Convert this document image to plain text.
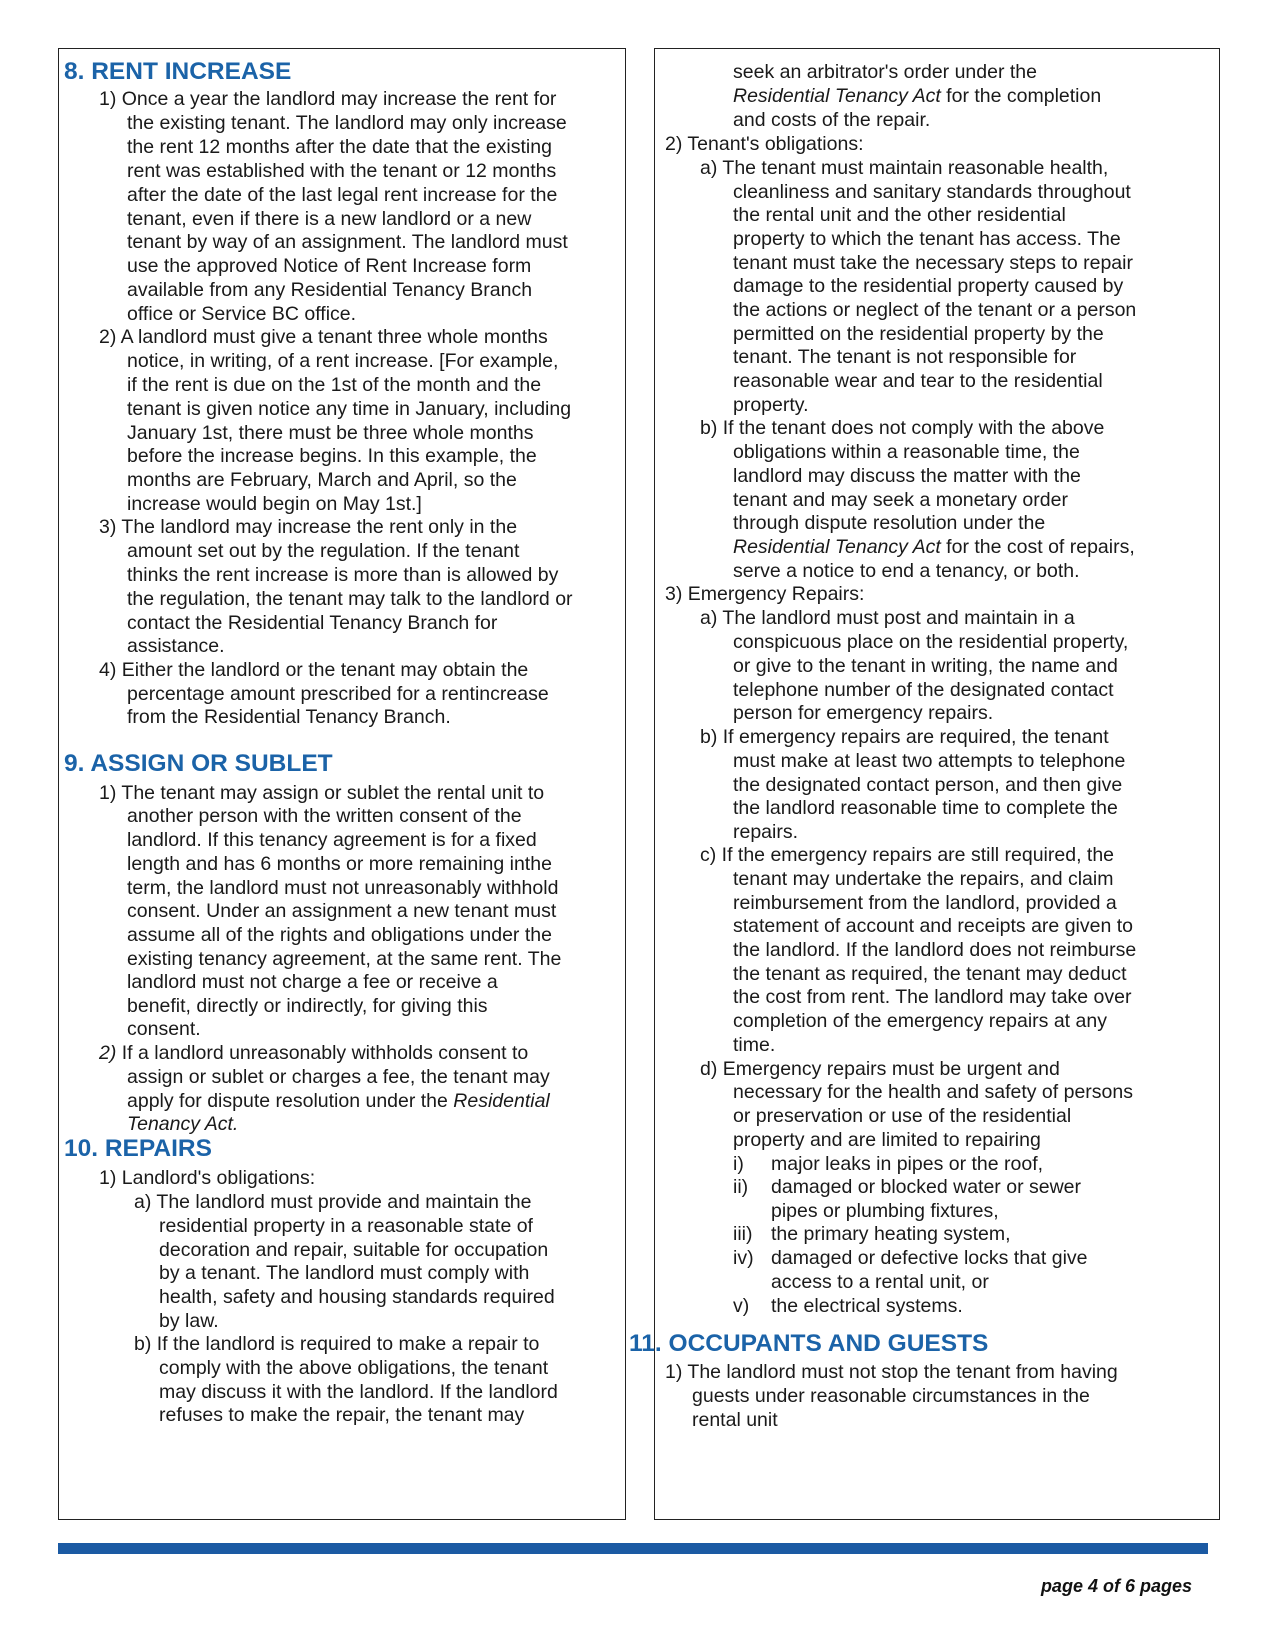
8. RENT INCREASE
1) Once a year the landlord may increase the rent for
the existing tenant. The landlord may only increase
the rent 12 months after the date that the existing
rent was established with the tenant or 12 months
after the date of the last legal rent increase for the
tenant, even if there is a new landlord or a new
tenant by way of an assignment. The landlord must
use the approved Notice of Rent Increase form
available from any Residential Tenancy Branch
office or Service BC office.
2) A landlord must give a tenant three whole months
notice, in writing, of a rent increase. [For example,
if the rent is due on the 1st of the month and the
tenant is given notice any time in January, including
January 1st, there must be three whole months
before the increase begins. In this example, the
months are February, March and April, so the
increase would begin on May 1st.]
3) The landlord may increase the rent only in the
amount set out by the regulation. If the tenant
thinks the rent increase is more than is allowed by
the regulation, the tenant may talk to the landlord or
contact the Residential Tenancy Branch for
assistance.
4) Either the landlord or the tenant may obtain the
percentage amount prescribed for a rentincrease
from the Residential Tenancy Branch.
9. ASSIGN OR SUBLET
1) The tenant may assign or sublet the rental unit to
another person with the written consent of the
landlord. If this tenancy agreement is for a fixed
length and has 6 months or more remaining inthe
term, the landlord must not unreasonably withhold
consent. Under an assignment a new tenant must
assume all of the rights and obligations under the
existing tenancy agreement, at the same rent. The
landlord must not charge a fee or receive a
benefit, directly or indirectly, for giving this
consent.
2) If a landlord unreasonably withholds consent to
assign or sublet or charges a fee, the tenant may
apply for dispute resolution under the Residential
Tenancy Act.
10. REPAIRS
1) Landlord's obligations:
a) The landlord must provide and maintain the
residential property in a reasonable state of
decoration and repair, suitable for occupation
by a tenant. The landlord must comply with
health, safety and housing standards required
by law.
b) If the landlord is required to make a repair to
comply with the above obligations, the tenant
may discuss it with the landlord. If the landlord
refuses to make the repair, the tenant may
seek an arbitrator's order under the
Residential Tenancy Act for the completion
and costs of the repair.
2) Tenant's obligations:
a) The tenant must maintain reasonable health,
cleanliness and sanitary standards throughout
the rental unit and the other residential
property to which the tenant has access. The
tenant must take the necessary steps to repair
damage to the residential property caused by
the actions or neglect of the tenant or a person
permitted on the residential property by the
tenant. The tenant is not responsible for
reasonable wear and tear to the residential
property.
b) If the tenant does not comply with the above
obligations within a reasonable time, the
landlord may discuss the matter with the
tenant and may seek a monetary order
through dispute resolution under the
Residential Tenancy Act for the cost of repairs,
serve a notice to end a tenancy, or both.
3) Emergency Repairs:
a) The landlord must post and maintain in a
conspicuous place on the residential property,
or give to the tenant in writing, the name and
telephone number of the designated contact
person for emergency repairs.
b) If emergency repairs are required, the tenant
must make at least two attempts to telephone
the designated contact person, and then give
the landlord reasonable time to complete the
repairs.
c) If the emergency repairs are still required, the
tenant may undertake the repairs, and claim
reimbursement from the landlord, provided a
statement of account and receipts are given to
the landlord. If the landlord does not reimburse
the tenant as required, the tenant may deduct
the cost from rent. The landlord may take over
completion of the emergency repairs at any
time.
d) Emergency repairs must be urgent and
necessary for the health and safety of persons
or preservation or use of the residential
property and are limited to repairing
i) major leaks in pipes or the roof,
ii) damaged or blocked water or sewer
pipes or plumbing fixtures,
iii) the primary heating system,
iv) damaged or defective locks that give
access to a rental unit, or
v) the electrical systems.
11. OCCUPANTS AND GUESTS
1) The landlord must not stop the tenant from having
guests under reasonable circumstances in the
rental unit
page 4 of 6 pages
